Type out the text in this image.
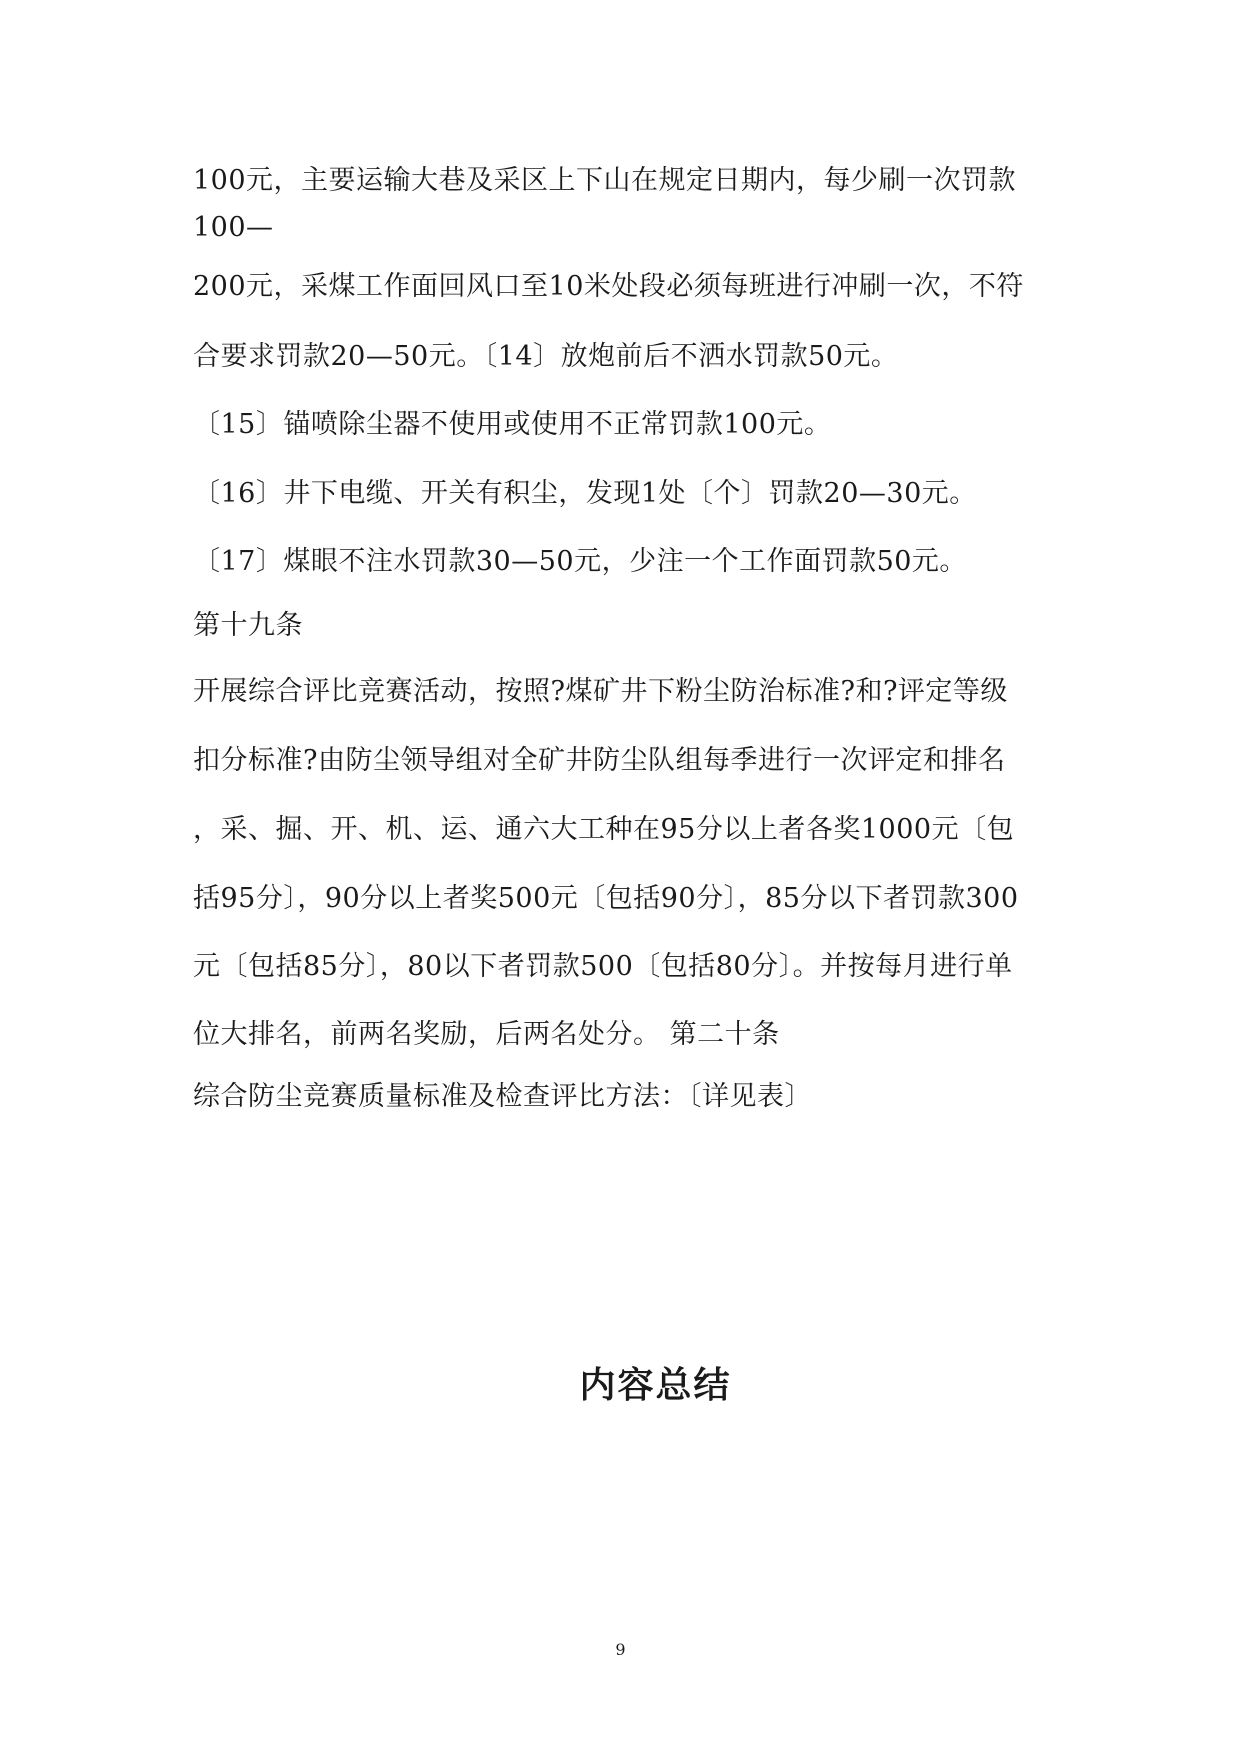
100元，主要运输大巷及采区上下山在规定日期内，每少刷一次罚款
100—
200元，采煤工作面回风口至10米处段必须每班进行冲刷一次，不符
合要求罚款20—50元。〔14〕放炮前后不洒水罚款50元。
〔15〕锚喷除尘器不使用或使用不正常罚款100元。
〔16〕井下电缆、开关有积尘，发现1处〔个〕罚款20—30元。
〔17〕煤眼不注水罚款30—50元，少注一个工作面罚款50元。
第十九条
开展综合评比竞赛活动，按照?煤矿井下粉尘防治标准?和?评定等级
扣分标准?由防尘领导组对全矿井防尘队组每季进行一次评定和排名
，采、掘、开、机、运、通六大工种在95分以上者各奖1000元〔包
括95分〕，90分以上者奖500元〔包括90分〕，85分以下者罚款300
元〔包括85分〕，80以下者罚款500〔包括80分〕。并按每月进行单
位大排名，前两名奖励，后两名处分。 第二十条
综合防尘竞赛质量标准及检查评比方法：〔详见表〕
内容总结
9
